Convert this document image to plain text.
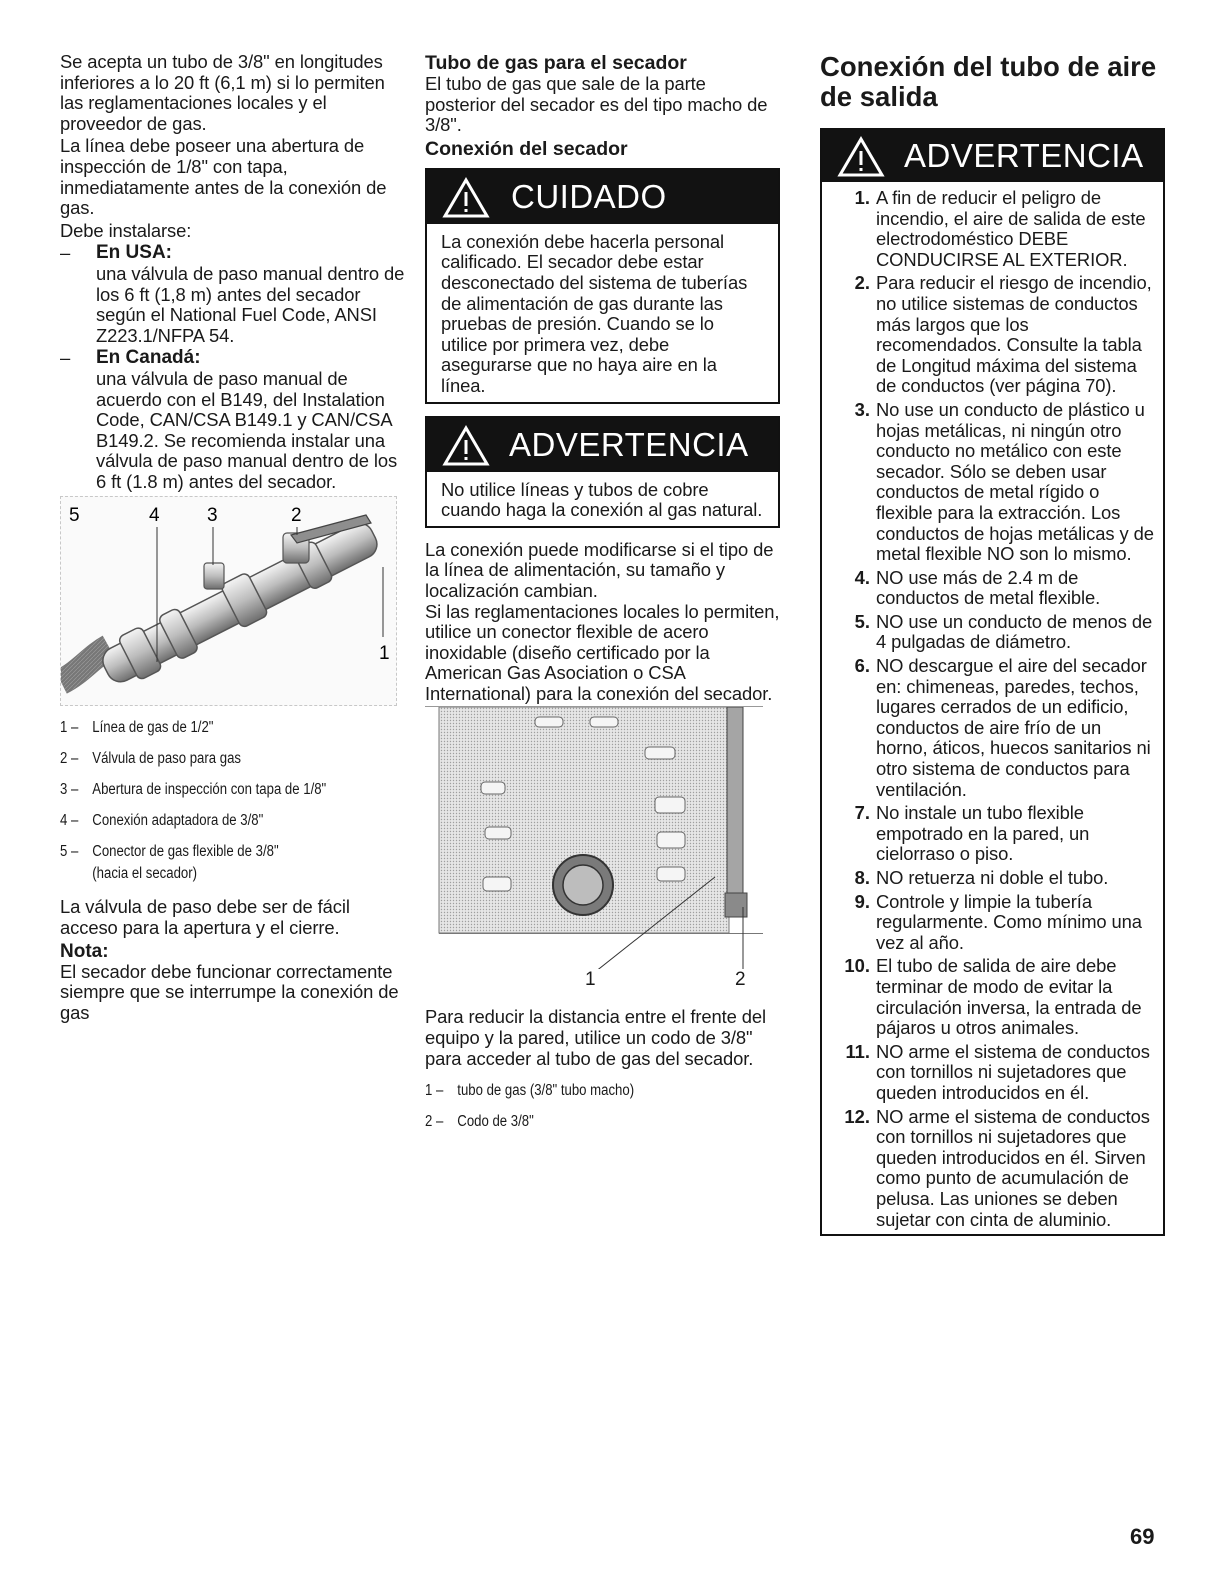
Se acepta un tubo de 3/8" en longitudes inferiores a lo 20 ft (6,1 m) si lo permiten las reglamentaciones locales y el proveedor de gas.

La línea debe poseer una abertura de inspección de 1/8" con tapa, inmediatamente antes de la conexión de gas.

Debe instalarse:

–	En USA:

una válvula de paso manual dentro de los 6 ft (1,8 m) antes del secador según el National Fuel Code, ANSI Z223.1/NFPA 54.

–	En Canadá:

una válvula de paso manual de acuerdo con el B149, del Instalation Code, CAN/CSA B149.1 y CAN/CSA B149.2. Se recomienda instalar una válvula de paso manual dentro de los 6 ft (1.8 m) antes del secador.

5	4 3	2
1
1 – Línea de gas de 1/2"
2 – Válvula de paso para gas
3 – Abertura de inspección con tapa de 1/8"
4 – Conexión adaptadora de 3/8"
5 – Conector de gas flexible de 3/8"
(hacia el secador)

La válvula de paso debe ser de fácil acceso para la apertura y el cierre.

Nota:

El secador debe funcionar correctamente siempre que se interrumpe la conexión de gas

Tubo de gas para el secador

El tubo de gas que sale de la parte posterior del secador es del tipo macho de 3/8".

Conexión del secador
CUIDADO

La conexión debe hacerla personal calificado. El secador debe estar desconectado del sistema de tuberías de alimentación de gas durante las pruebas de presión. Cuando se lo utilice por primera vez, debe asegurarse que no haya aire en la línea.

ADVERTENCIA

No utilice líneas y tubos de cobre cuando haga la conexión al gas natural.

La conexión puede modificarse si el tipo de la línea de alimentación, su tamaño y localización cambian.

Si las reglamentaciones locales lo permiten, utilice un conector flexible de acero inoxidable (diseño certificado por la American Gas Asociation o CSA International) para la conexión del secador.

1	2

Para reducir la distancia entre el frente del equipo y la pared, utilice un codo de 3/8" para acceder al tubo de gas del secador.

1 – tubo de gas (3/8" tubo macho)
2 – Codo de 3/8"
Conexión del tubo de aire de salida
ADVERTENCIA
1. A fin de reducir el peligro de incendio, el aire de salida de este electrodoméstico DEBE CONDUCIRSE AL EXTERIOR.

2. Para reducir el riesgo de incendio, no utilice sistemas de conductos más largos que los recomendados. Consulte la tabla de Longitud máxima del sistema de conductos (ver página 70).

3. No use un conducto de plástico u hojas metálicas, ni ningún otro conducto no metálico con este secador. Sólo se deben usar conductos de metal rígido o flexible para la extracción. Los conductos de hojas metálicas y de metal flexible NO son lo mismo.

4. NO use más de 2.4 m de conductos de metal flexible.

5. NO use un conducto de menos de 4 pulgadas de diámetro.

6. NO descargue el aire del secador en: chimeneas, paredes, techos, lugares cerrados de un edificio, conductos de aire frío de un horno, áticos, huecos sanitarios ni otro sistema de conductos para ventilación.

7. No instale un tubo flexible empotrado en la pared, un cielorraso o piso.

8. NO retuerza ni doble el tubo.

9. Controle y limpie la tubería regularmente. Como mínimo una vez al año.

10. El tubo de salida de aire debe terminar de modo de evitar la circulación inversa, la entrada de pájaros u otros animales.

11. NO arme el sistema de conductos con tornillos ni sujetadores que queden introducidos en él.

12. NO arme el sistema de conductos con tornillos ni sujetadores que queden introducidos en él. Sirven como punto de acumulación de pelusa. Las uniones se deben sujetar con cinta de aluminio.

69
